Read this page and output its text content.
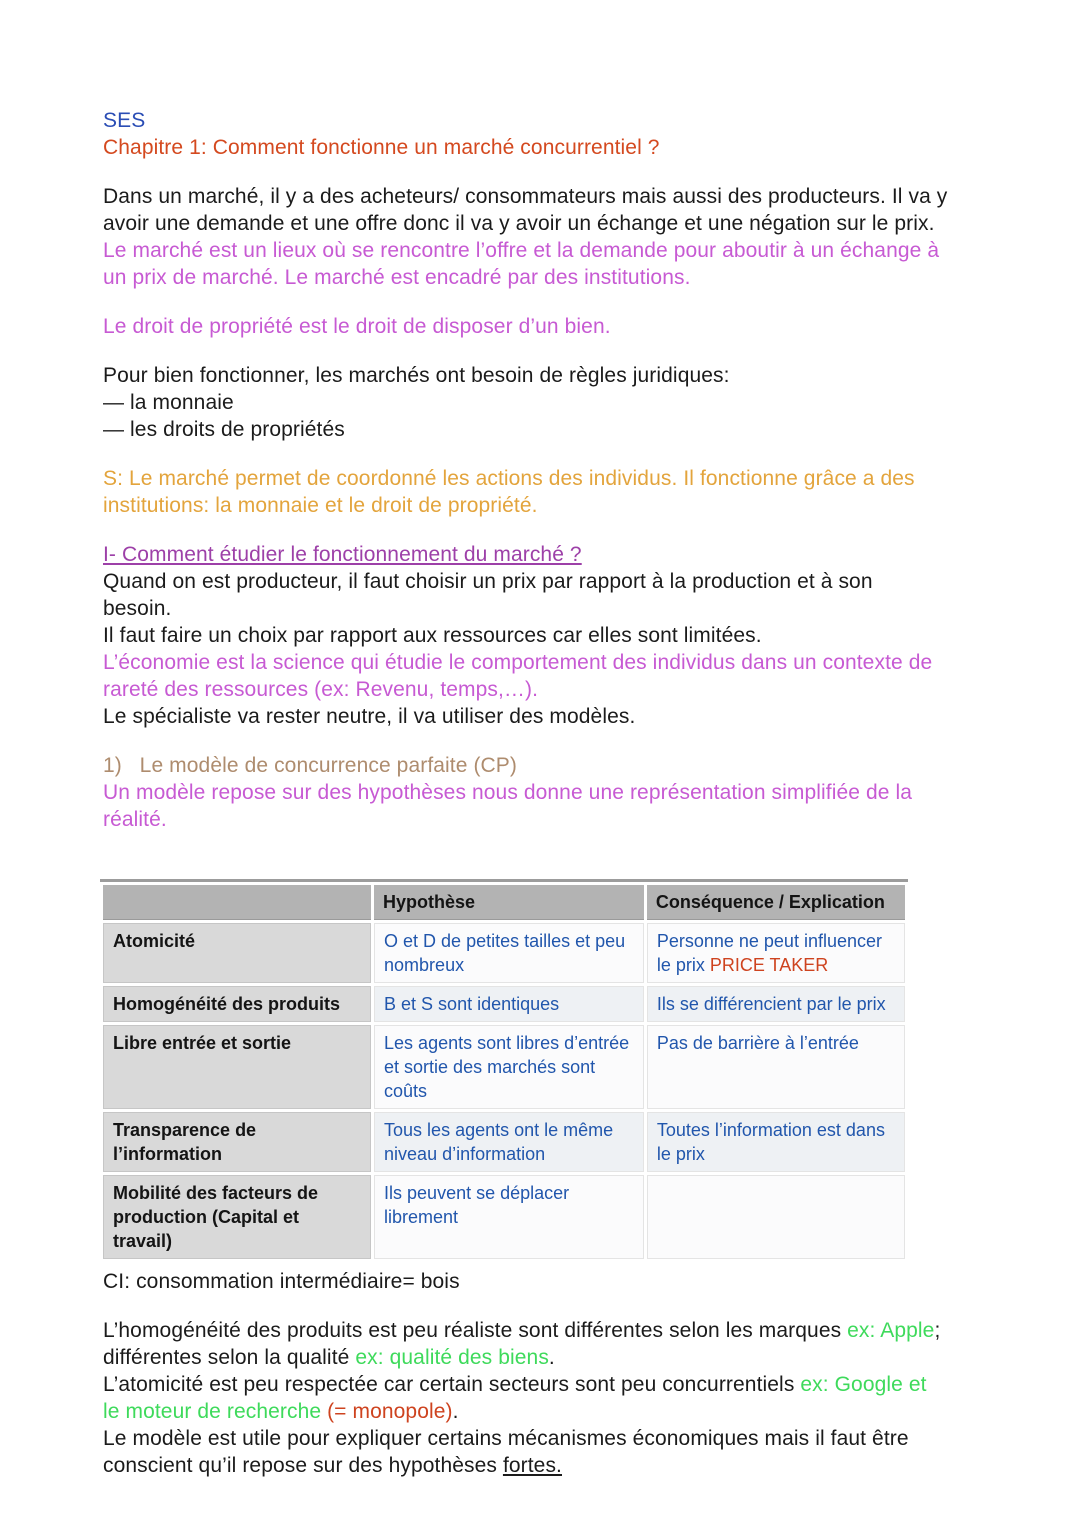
SES
Chapitre 1: Comment fonctionne un marché concurrentiel ?
Dans un marché, il y a des acheteurs/ consommateurs mais aussi des producteurs. Il va y
avoir une demande et une offre donc il va y avoir un échange et une négation sur le prix.
Le marché est un lieux où se rencontre l’offre et la demande pour aboutir à un échange à
un prix de marché. Le marché est encadré par des institutions.
Le droit de propriété est le droit de disposer d’un bien.
Pour bien fonctionner, les marchés ont besoin de règles juridiques:
— la monnaie
— les droits de propriétés
S: Le marché permet de coordonné les actions des individus. Il fonctionne grâce a des
institutions: la monnaie et le droit de propriété.
I- Comment étudier le fonctionnement du marché ?
Quand on est producteur, il faut choisir un prix par rapport à la production et à son
besoin.
Il faut faire un choix par rapport aux ressources car elles sont limitées.
L’économie est la science qui étudie le comportement des individus dans un contexte de
rareté des ressources (ex: Revenu, temps,…).
Le spécialiste va rester neutre, il va utiliser des modèles.
1)   Le modèle de concurrence parfaite (CP)
Un modèle repose sur des hypothèses nous donne une représentation simplifiée de la
réalité.
	Hypothèse	Conséquence / Explication
Atomicité	O et D de petites tailles et peu nombreux	Personne ne peut influencer le prix PRICE TAKER
Homogénéité des produits	B et S sont identiques	Ils se différencient par le prix
Libre entrée et sortie	Les agents sont libres d’entrée et sortie des marchés sont coûts	Pas de barrière à l’entrée
Transparence de l’information	Tous les agents ont le même niveau d’information	Toutes l’information est dans le prix
Mobilité des facteurs de production (Capital et travail)	Ils peuvent se déplacer librement	
CI: consommation intermédiaire= bois
L’homogénéité des produits est peu réaliste sont différentes selon les marques ex: Apple;
différentes selon la qualité ex: qualité des biens.
L’atomicité est peu respectée car certain secteurs sont peu concurrentiels ex: Google et
le moteur de recherche (= monopole).
Le modèle est utile pour expliquer certains mécanismes économiques mais il faut être
conscient qu’il repose sur des hypothèses fortes.
